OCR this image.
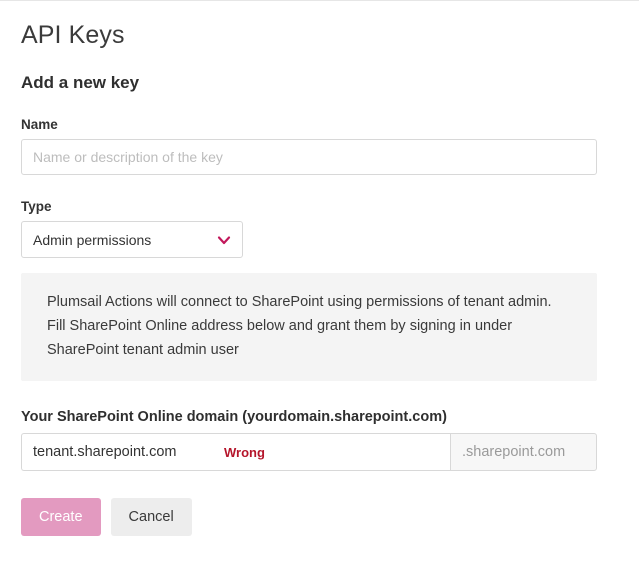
API Keys
Add a new key
Name
Name or description of the key
Type
Admin permissions
Plumsail Actions will connect to SharePoint using permissions of tenant admin. Fill SharePoint Online address below and grant them by signing in under SharePoint tenant admin user
Your SharePoint Online domain (yourdomain.sharepoint.com)
tenant.sharepoint.com
Wrong	.sharepoint.com
Create	Cancel
